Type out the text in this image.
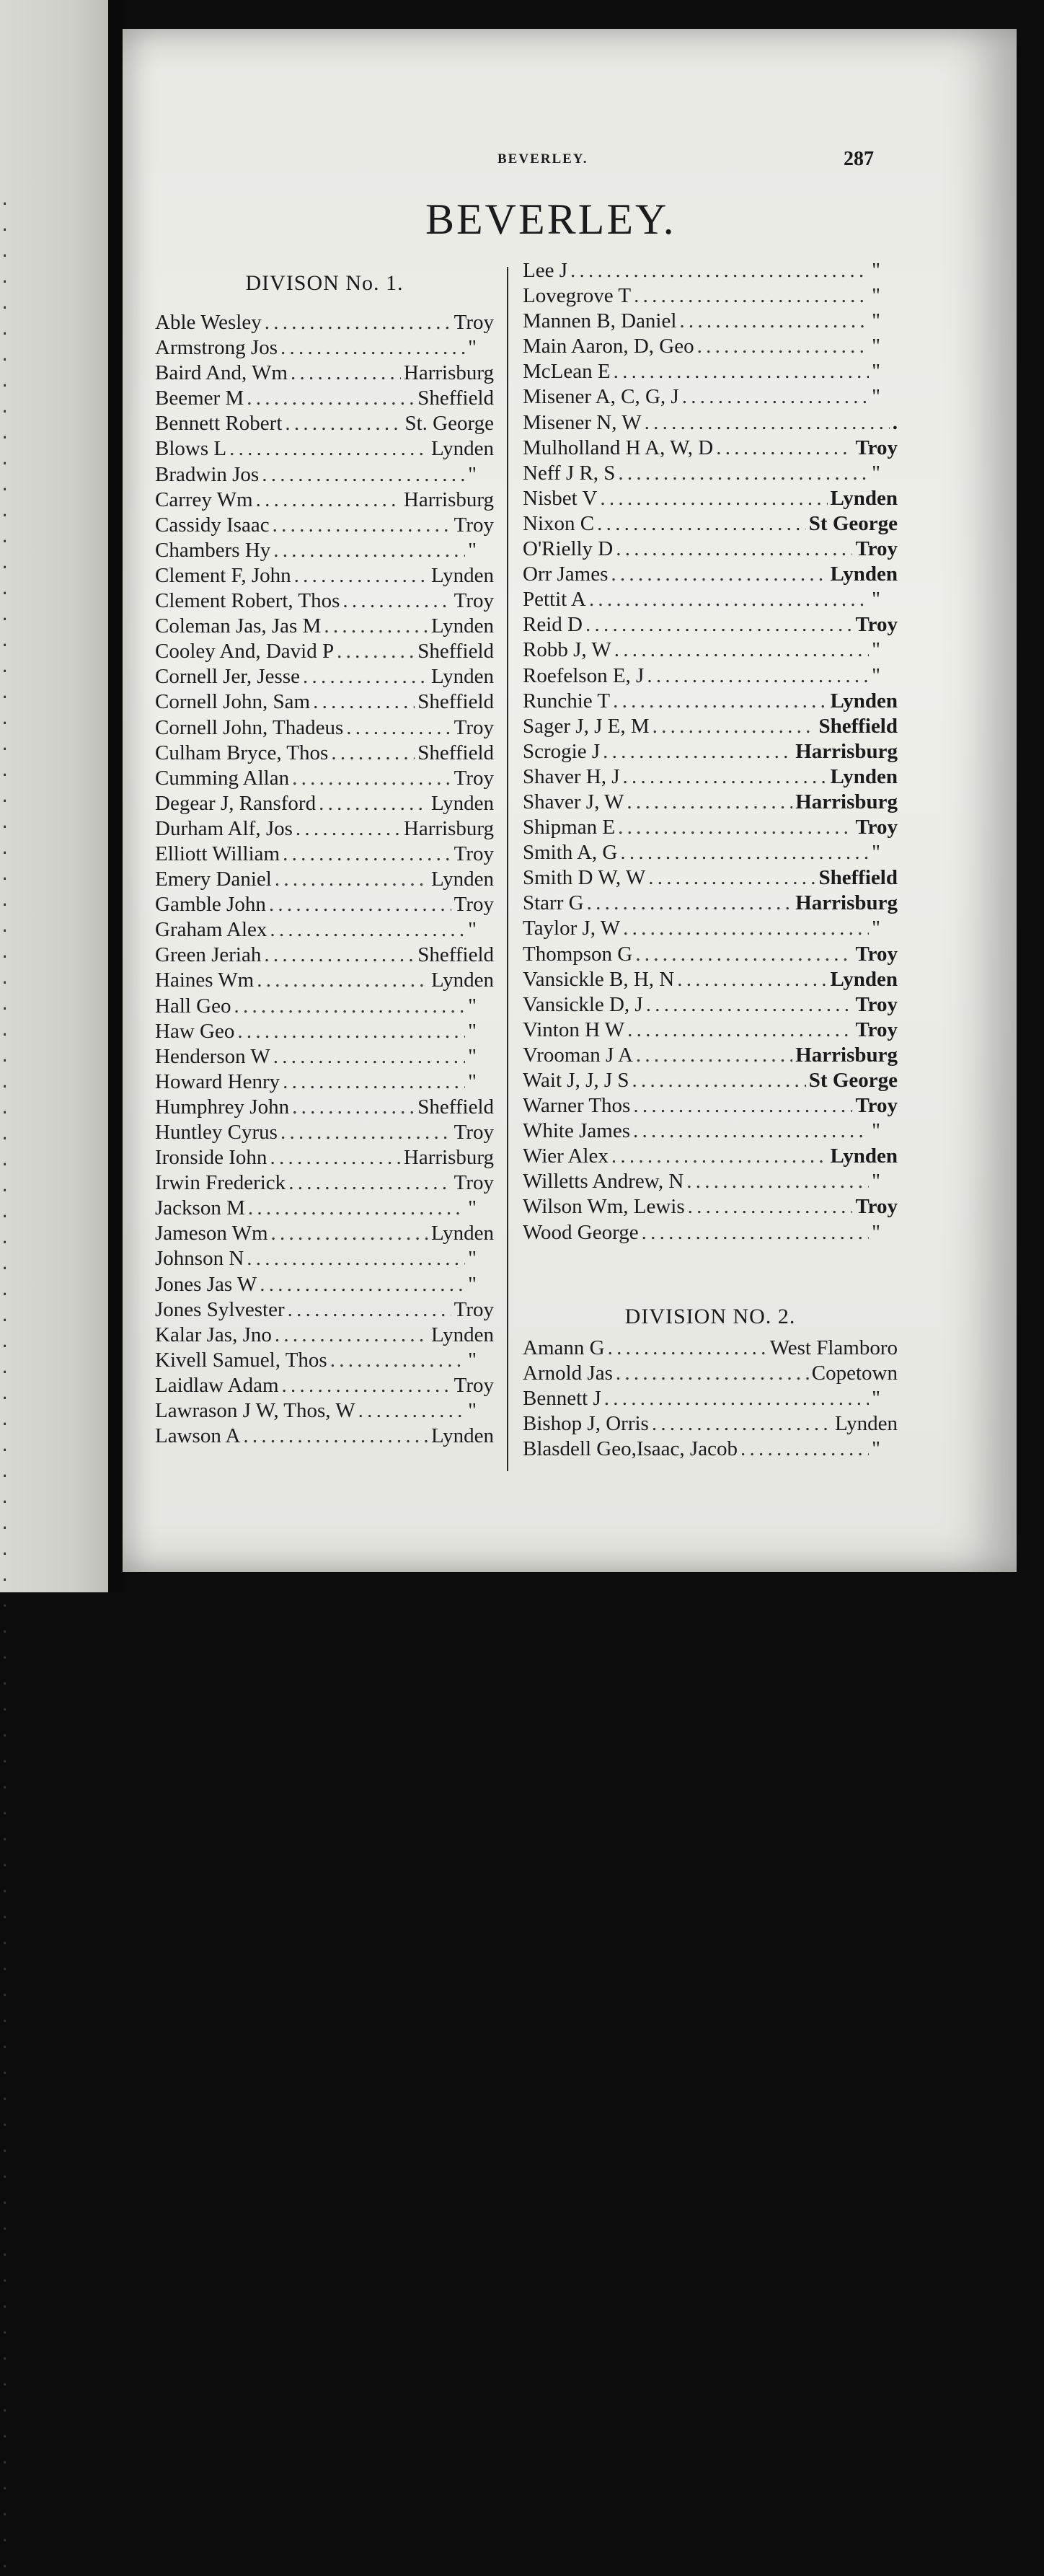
. . .
. . .
. . .
. . .
. . .
. . .
. . .
. . .
. . .
. . .
. .
. .
. .
. .
. .
. .
. .
. .
. .
. .
. .
. .
. .
. .
. .
. .
. .
. .
. .
. .
. .
. .
. .
. .
. .
. .
. .
. .
. .
. .
. .
BEVERLEY.	287
BEVERLEY.
DIVISON No. 1.
Able Wesley . . .	Troy
Armstrong Jos . . .	"
Baird And, Wm . . .	Harrisburg
Beemer M . . .	Sheffield
Bennett Robert . . .	St. George
Blows L . . .	Lynden
Bradwin Jos . . .	"
Carrey Wm . . .	Harrisburg
Cassidy Isaac . . .	Troy
Chambers Hy . . .	"
Clement F, John . . .	Lynden
Clement Robert, Thos . . .	Troy
Coleman Jas, Jas M . . .	Lynden
Cooley And, David P . . .	Sheffield
Cornell Jer, Jesse . . .	Lynden
Cornell John, Sam . . .	Sheffield
Cornell John, Thadeus . . .	Troy
Culham Bryce, Thos . . .	Sheffield
Cumming Allan . . .	Troy
Degear J, Ransford . . .	Lynden
Durham Alf, Jos . . .	Harrisburg
Elliott William . . .	Troy
Emery Daniel . . .	Lynden
Gamble John . . .	Troy
Graham Alex . . .	"
Green Jeriah . . .	Sheffield
Haines Wm . . .	Lynden
Hall Geo . . .	"
Haw Geo . . .	"
Henderson W . . .	"
Howard Henry . . .	"
Humphrey John . . .	Sheffield
Huntley Cyrus . . .	Troy
Ironside Iohn . . .	Harrisburg
Irwin Frederick . . .	Troy
Jackson M . . .	"
Jameson Wm . . .	Lynden
Johnson N . . .	"
Jones Jas W . . .	"
Jones Sylvester . . .	Troy
Kalar Jas, Jno . . .	Lynden
Kivell Samuel, Thos . . .	"
Laidlaw Adam . . .	Troy
Lawrason J W, Thos, W . . .	"
Lawson A . . .	Lynden
Lee J . . .	"
Lovegrove T . . .	"
Mannen B, Daniel . . .	"
Main Aaron, D, Geo . . .	"
McLean E . . .	"
Misener A, C, G, J . . .	"
Misener N, W . . .	.
Mulholland H A, W, D . . .	Troy
Neff J R, S . . .	"
Nisbet V . . .	Lynden
Nixon C . . .	St George
O'Rielly D . . .	Troy
Orr James . . .	Lynden
Pettit A . . .	"
Reid D . . .	Troy
Robb J, W . . .	"
Roefelson E, J . . .	"
Runchie T . . .	Lynden
Sager J, J E, M . . .	Sheffield
Scrogie J . . .	Harrisburg
Shaver H, J . . .	Lynden
Shaver J, W . . .	Harrisburg
Shipman E . . .	Troy
Smith A, G . . .	"
Smith D W, W . . .	Sheffield
Starr G . . .	Harrisburg
Taylor J, W . . .	"
Thompson G . . .	Troy
Vansickle B, H, N . . .	Lynden
Vansickle D, J . . .	Troy
Vinton H W . . .	Troy
Vrooman J A . . .	Harrisburg
Wait J, J, J S . . .	St George
Warner Thos . . .	Troy
White James . . .	"
Wier Alex . . .	Lynden
Willetts Andrew, N . . .	"
Wilson Wm, Lewis . . .	Troy
Wood George . . .	"
DIVISION NO. 2.
Amann G . . .	West Flamboro
Arnold Jas . . .	Copetown
Bennett J . . .	"
Bishop J, Orris . . .	Lynden
Blasdell Geo,Isaac, Jacob . . .	"
